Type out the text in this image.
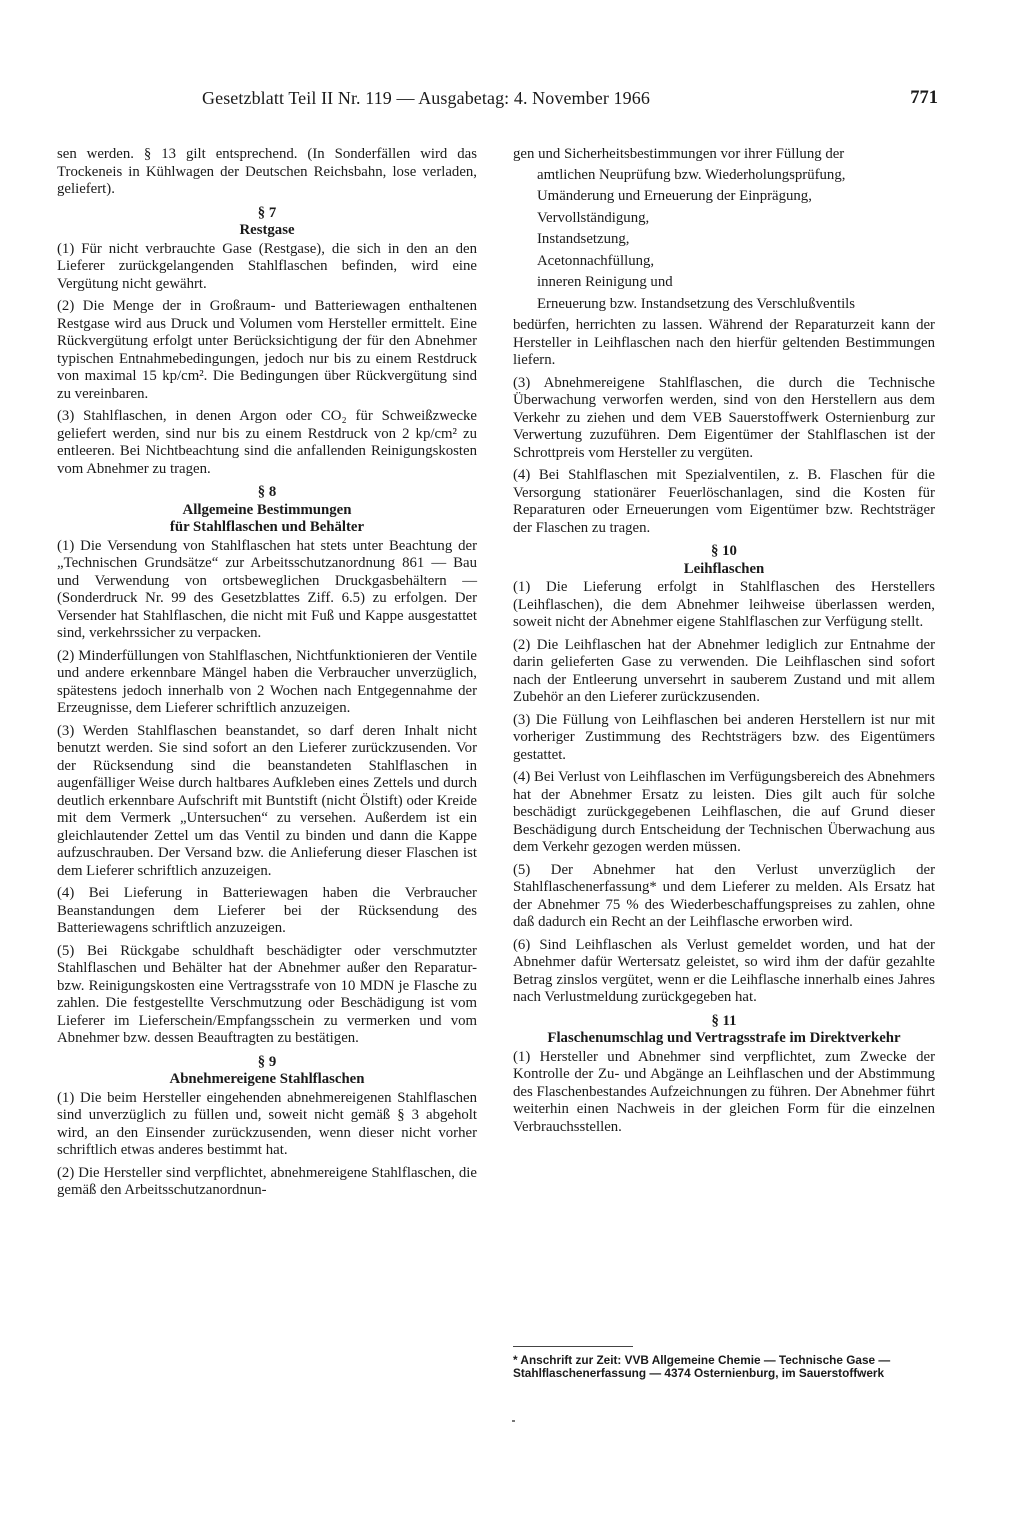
Gesetzblatt Teil II Nr. 119 — Ausgabetag: 4. November 1966	771

sen werden. § 13 gilt entsprechend. (In Sonderfällen wird das Trockeneis in Kühlwagen der Deutschen Reichsbahn, lose verladen, geliefert).

§ 7
Restgase

(1) Für nicht verbrauchte Gase (Restgase), die sich in den an den Lieferer zurückgelangenden Stahlflaschen befinden, wird eine Vergütung nicht gewährt.

(2) Die Menge der in Großraum- und Batteriewagen enthaltenen Restgase wird aus Druck und Volumen vom Hersteller ermittelt. Eine Rückvergütung erfolgt unter Berücksichtigung der für den Abnehmer typischen Entnahmebedingungen, jedoch nur bis zu einem Restdruck von maximal 15 kp/cm². Die Bedingungen über Rückvergütung sind zu vereinbaren.

(3) Stahlflaschen, in denen Argon oder CO₂ für Schweißzwecke geliefert werden, sind nur bis zu einem Restdruck von 2 kp/cm² zu entleeren. Bei Nichtbeachtung sind die anfallenden Reinigungskosten vom Abnehmer zu tragen.

§ 8
Allgemeine Bestimmungen
für Stahlflaschen und Behälter

(1) Die Versendung von Stahlflaschen hat stets unter Beachtung der „Technischen Grundsätze“ zur Arbeitsschutzanordnung 861 — Bau und Verwendung von ortsbeweglichen Druckgasbehältern — (Sonderdruck Nr. 99 des Gesetzblattes Ziff. 6.5) zu erfolgen. Der Versender hat Stahlflaschen, die nicht mit Fuß und Kappe ausgestattet sind, verkehrssicher zu verpacken.

(2) Minderfüllungen von Stahlflaschen, Nichtfunktionieren der Ventile und andere erkennbare Mängel haben die Verbraucher unverzüglich, spätestens jedoch innerhalb von 2 Wochen nach Entgegennahme der Erzeugnisse, dem Lieferer schriftlich anzuzeigen.

(3) Werden Stahlflaschen beanstandet, so darf deren Inhalt nicht benutzt werden. Sie sind sofort an den Lieferer zurückzusenden. Vor der Rücksendung sind die beanstandeten Stahlflaschen in augenfälliger Weise durch haltbares Aufkleben eines Zettels und durch deutlich erkennbare Aufschrift mit Buntstift (nicht Ölstift) oder Kreide mit dem Vermerk „Untersuchen“ zu versehen. Außerdem ist ein gleichlautender Zettel um das Ventil zu binden und dann die Kappe aufzuschrauben. Der Versand bzw. die Anlieferung dieser Flaschen ist dem Lieferer schriftlich anzuzeigen.

(4) Bei Lieferung in Batteriewagen haben die Verbraucher Beanstandungen dem Lieferer bei der Rücksendung des Batteriewagens schriftlich anzuzeigen.

(5) Bei Rückgabe schuldhaft beschädigter oder verschmutzter Stahlflaschen und Behälter hat der Abnehmer außer den Reparatur- bzw. Reinigungskosten eine Vertragsstrafe von 10 MDN je Flasche zu zahlen. Die festgestellte Verschmutzung oder Beschädigung ist vom Lieferer im Lieferschein/Empfangsschein zu vermerken und vom Abnehmer bzw. dessen Beauftragten zu bestätigen.

§ 9
Abnehmereigene Stahlflaschen

(1) Die beim Hersteller eingehenden abnehmereigenen Stahlflaschen sind unverzüglich zu füllen und, soweit nicht gemäß § 3 abgeholt wird, an den Einsender zurückzusenden, wenn dieser nicht vorher schriftlich etwas anderes bestimmt hat.

(2) Die Hersteller sind verpflichtet, abnehmereigene Stahlflaschen, die gemäß den Arbeitsschutzanordnun-

gen und Sicherheitsbestimmungen vor ihrer Füllung der

amtlichen Neuprüfung bzw. Wiederholungsprüfung,
Umänderung und Erneuerung der Einprägung,
Vervollständigung,
Instandsetzung,
Acetonnachfüllung,
inneren Reinigung und
Erneuerung bzw. Instandsetzung des Verschlußventils

bedürfen, herrichten zu lassen. Während der Reparaturzeit kann der Hersteller in Leihflaschen nach den hierfür geltenden Bestimmungen liefern.

(3) Abnehmereigene Stahlflaschen, die durch die Technische Überwachung verworfen werden, sind von den Herstellern aus dem Verkehr zu ziehen und dem VEB Sauerstoffwerk Osternienburg zur Verwertung zuzuführen. Dem Eigentümer der Stahlflaschen ist der Schrottpreis vom Hersteller zu vergüten.

(4) Bei Stahlflaschen mit Spezialventilen, z. B. Flaschen für die Versorgung stationärer Feuerlöschanlagen, sind die Kosten für Reparaturen oder Erneuerungen vom Eigentümer bzw. Rechtsträger der Flaschen zu tragen.

§ 10
Leihflaschen

(1) Die Lieferung erfolgt in Stahlflaschen des Herstellers (Leihflaschen), die dem Abnehmer leihweise überlassen werden, soweit nicht der Abnehmer eigene Stahlflaschen zur Verfügung stellt.

(2) Die Leihflaschen hat der Abnehmer lediglich zur Entnahme der darin gelieferten Gase zu verwenden. Die Leihflaschen sind sofort nach der Entleerung unversehrt in sauberem Zustand und mit allem Zubehör an den Lieferer zurückzusenden.

(3) Die Füllung von Leihflaschen bei anderen Herstellern ist nur mit vorheriger Zustimmung des Rechtsträgers bzw. des Eigentümers gestattet.

(4) Bei Verlust von Leihflaschen im Verfügungsbereich des Abnehmers hat der Abnehmer Ersatz zu leisten. Dies gilt auch für solche beschädigt zurückgegebenen Leihflaschen, die auf Grund dieser Beschädigung durch Entscheidung der Technischen Überwachung aus dem Verkehr gezogen werden müssen.

(5) Der Abnehmer hat den Verlust unverzüglich der Stahlflaschenerfassung* und dem Lieferer zu melden. Als Ersatz hat der Abnehmer 75 % des Wiederbeschaffungspreises zu zahlen, ohne daß dadurch ein Recht an der Leihflasche erworben wird.

(6) Sind Leihflaschen als Verlust gemeldet worden, und hat der Abnehmer dafür Wertersatz geleistet, so wird ihm der dafür gezahlte Betrag zinslos vergütet, wenn er die Leihflasche innerhalb eines Jahres nach Verlustmeldung zurückgegeben hat.

§ 11
Flaschenumschlag und Vertragsstrafe im Direktverkehr

(1) Hersteller und Abnehmer sind verpflichtet, zum Zwecke der Kontrolle der Zu- und Abgänge an Leihflaschen und der Abstimmung des Flaschenbestandes Aufzeichnungen zu führen. Der Abnehmer führt weiterhin einen Nachweis in der gleichen Form für die einzelnen Verbrauchsstellen.

* Anschrift zur Zeit: VVB Allgemeine Chemie — Technische Gase — Stahlflaschenerfassung — 4374 Osternienburg, im Sauerstoffwerk
